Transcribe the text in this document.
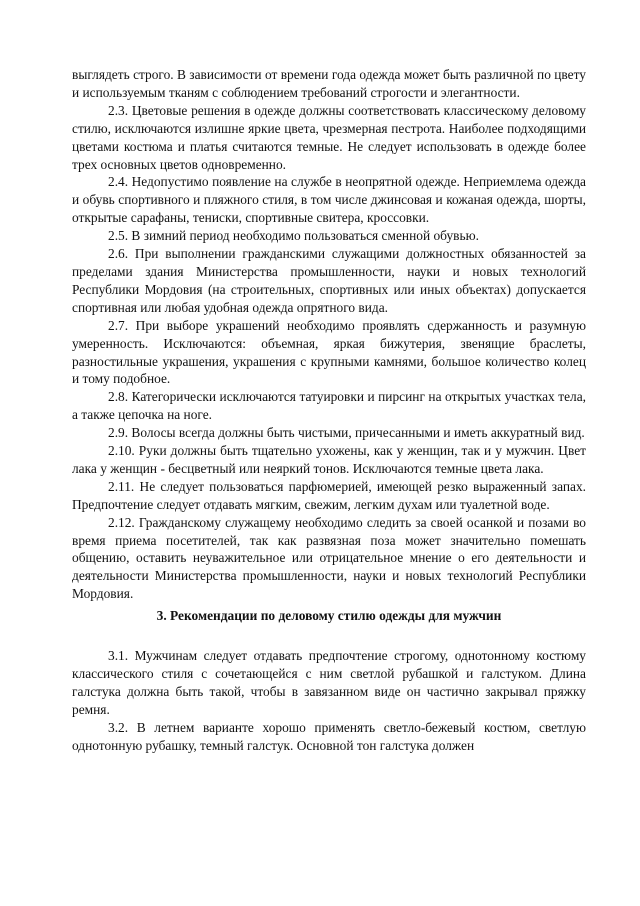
выглядеть строго. В зависимости от времени года одежда может быть различной по цвету и используемым тканям с соблюдением требований строгости и элегантности.

2.3. Цветовые решения в одежде должны соответствовать классическому деловому стилю, исключаются излишне яркие цвета, чрезмерная пестрота. Наиболее подходящими цветами костюма и платья считаются темные. Не следует использовать в одежде более трех основных цветов одновременно.

2.4. Недопустимо появление на службе в неопрятной одежде. Неприемлема одежда и обувь спортивного и пляжного стиля, в том числе джинсовая и кожаная одежда, шорты, открытые сарафаны, тениски, спортивные свитера, кроссовки.

2.5. В зимний период необходимо пользоваться сменной обувью.

2.6. При выполнении гражданскими служащими должностных обязанностей за пределами здания Министерства промышленности, науки и новых технологий Республики Мордовия (на строительных, спортивных или иных объектах) допускается спортивная или любая удобная одежда опрятного вида.

2.7. При выборе украшений необходимо проявлять сдержанность и разумную умеренность. Исключаются: объемная, яркая бижутерия, звенящие браслеты, разностильные украшения, украшения с крупными камнями, большое количество колец и тому подобное.

2.8. Категорически исключаются татуировки и пирсинг на открытых участках тела, а также цепочка на ноге.

2.9. Волосы всегда должны быть чистыми, причесанными и иметь аккуратный вид.

2.10. Руки должны быть тщательно ухожены, как у женщин, так и у мужчин. Цвет лака у женщин - бесцветный или неяркий тонов. Исключаются темные цвета лака.

2.11. Не следует пользоваться парфюмерией, имеющей резко выраженный запах. Предпочтение следует отдавать мягким, свежим, легким духам или туалетной воде.

2.12. Гражданскому служащему необходимо следить за своей осанкой и позами во время приема посетителей, так как развязная поза может значительно помешать общению, оставить неуважительное или отрицательное мнение о его деятельности и деятельности Министерства промышленности, науки и новых технологий Республики Мордовия.

3. Рекомендации по деловому стилю одежды для мужчин

3.1. Мужчинам следует отдавать предпочтение строгому, однотонному костюму классического стиля с сочетающейся с ним светлой рубашкой и галстуком. Длина галстука должна быть такой, чтобы в завязанном виде он частично закрывал пряжку ремня.

3.2. В летнем варианте хорошо применять светло-бежевый костюм, светлую однотонную рубашку, темный галстук. Основной тон галстука должен
